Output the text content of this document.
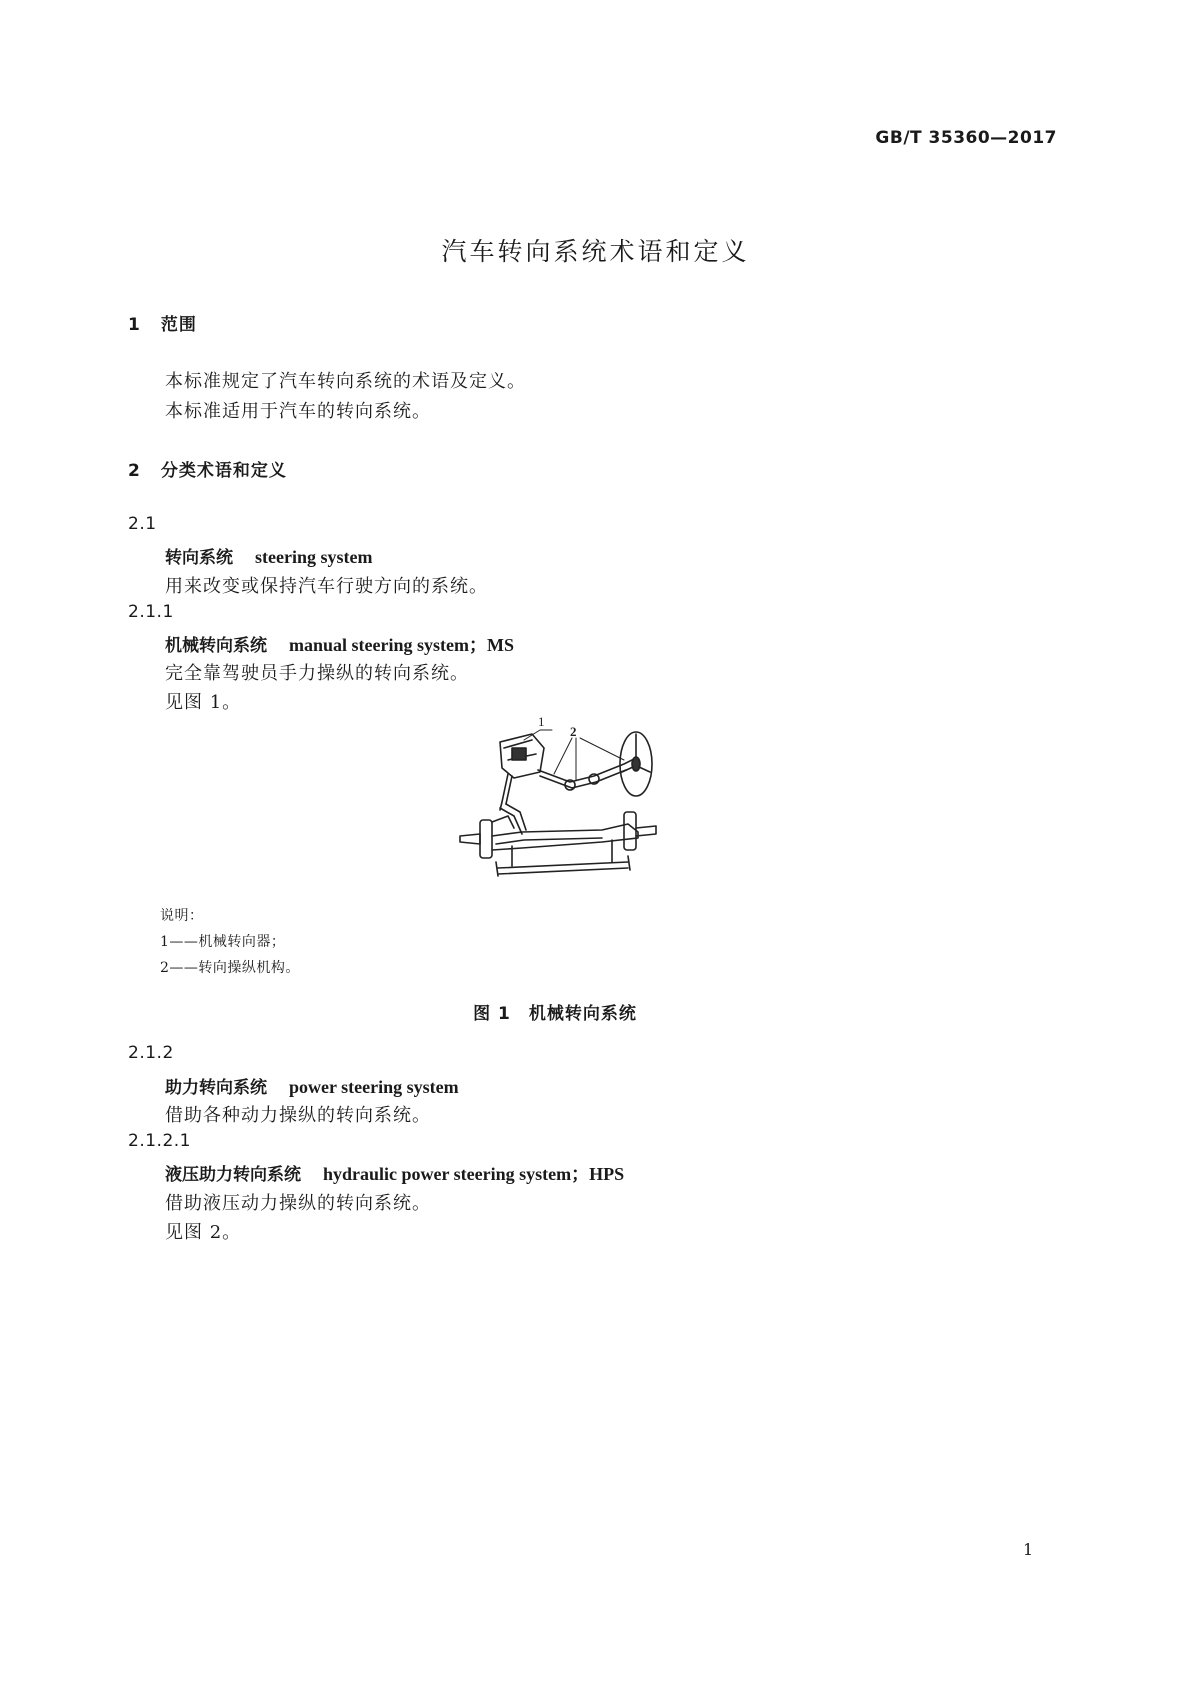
GB/T 35360—2017
汽车转向系统术语和定义
1 范围
本标准规定了汽车转向系统的术语及定义。
本标准适用于汽车的转向系统。
2 分类术语和定义
2.1
转向系统 steering system
用来改变或保持汽车行驶方向的系统。
2.1.1
机械转向系统 manual steering system；MS
完全靠驾驶员手力操纵的转向系统。
见图 1。
1
2
说明：
1——机械转向器；
2——转向操纵机构。
图 1　机械转向系统
2.1.2
助力转向系统 power steering system
借助各种动力操纵的转向系统。
2.1.2.1
液压助力转向系统 hydraulic power steering system；HPS
借助液压动力操纵的转向系统。
见图 2。
1
